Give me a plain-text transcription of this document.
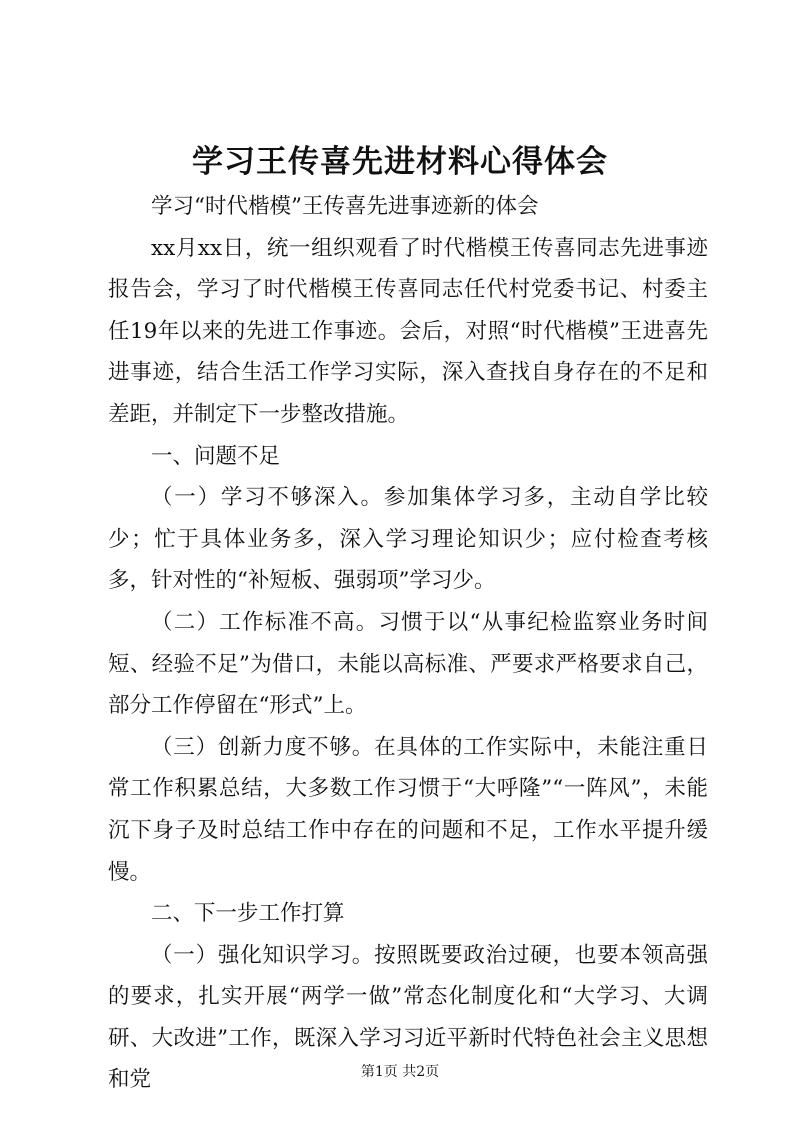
学习王传喜先进材料心得体会

学习“时代楷模”王传喜先进事迹新的体会

xx月xx日，统一组织观看了时代楷模王传喜同志先进事迹报告会，学习了时代楷模王传喜同志任代村党委书记、村委主任19年以来的先进工作事迹。会后，对照“时代楷模”王进喜先进事迹，结合生活工作学习实际，深入查找自身存在的不足和差距，并制定下一步整改措施。

一、问题不足

（一）学习不够深入。参加集体学习多，主动自学比较少；忙于具体业务多，深入学习理论知识少；应付检查考核多，针对性的“补短板、强弱项”学习少。

（二）工作标准不高。习惯于以“从事纪检监察业务时间短、经验不足”为借口，未能以高标准、严要求严格要求自己，部分工作停留在“形式”上。

（三）创新力度不够。在具体的工作实际中，未能注重日常工作积累总结，大多数工作习惯于“大呼隆”“一阵风”，未能沉下身子及时总结工作中存在的问题和不足，工作水平提升缓慢。

二、下一步工作打算

（一）强化知识学习。按照既要政治过硬，也要本领高强的要求，扎实开展“两学一做”常态化制度化和“大学习、大调研、大改进”工作，既深入学习习近平新时代特色社会主义思想和党	第1页 共2页
